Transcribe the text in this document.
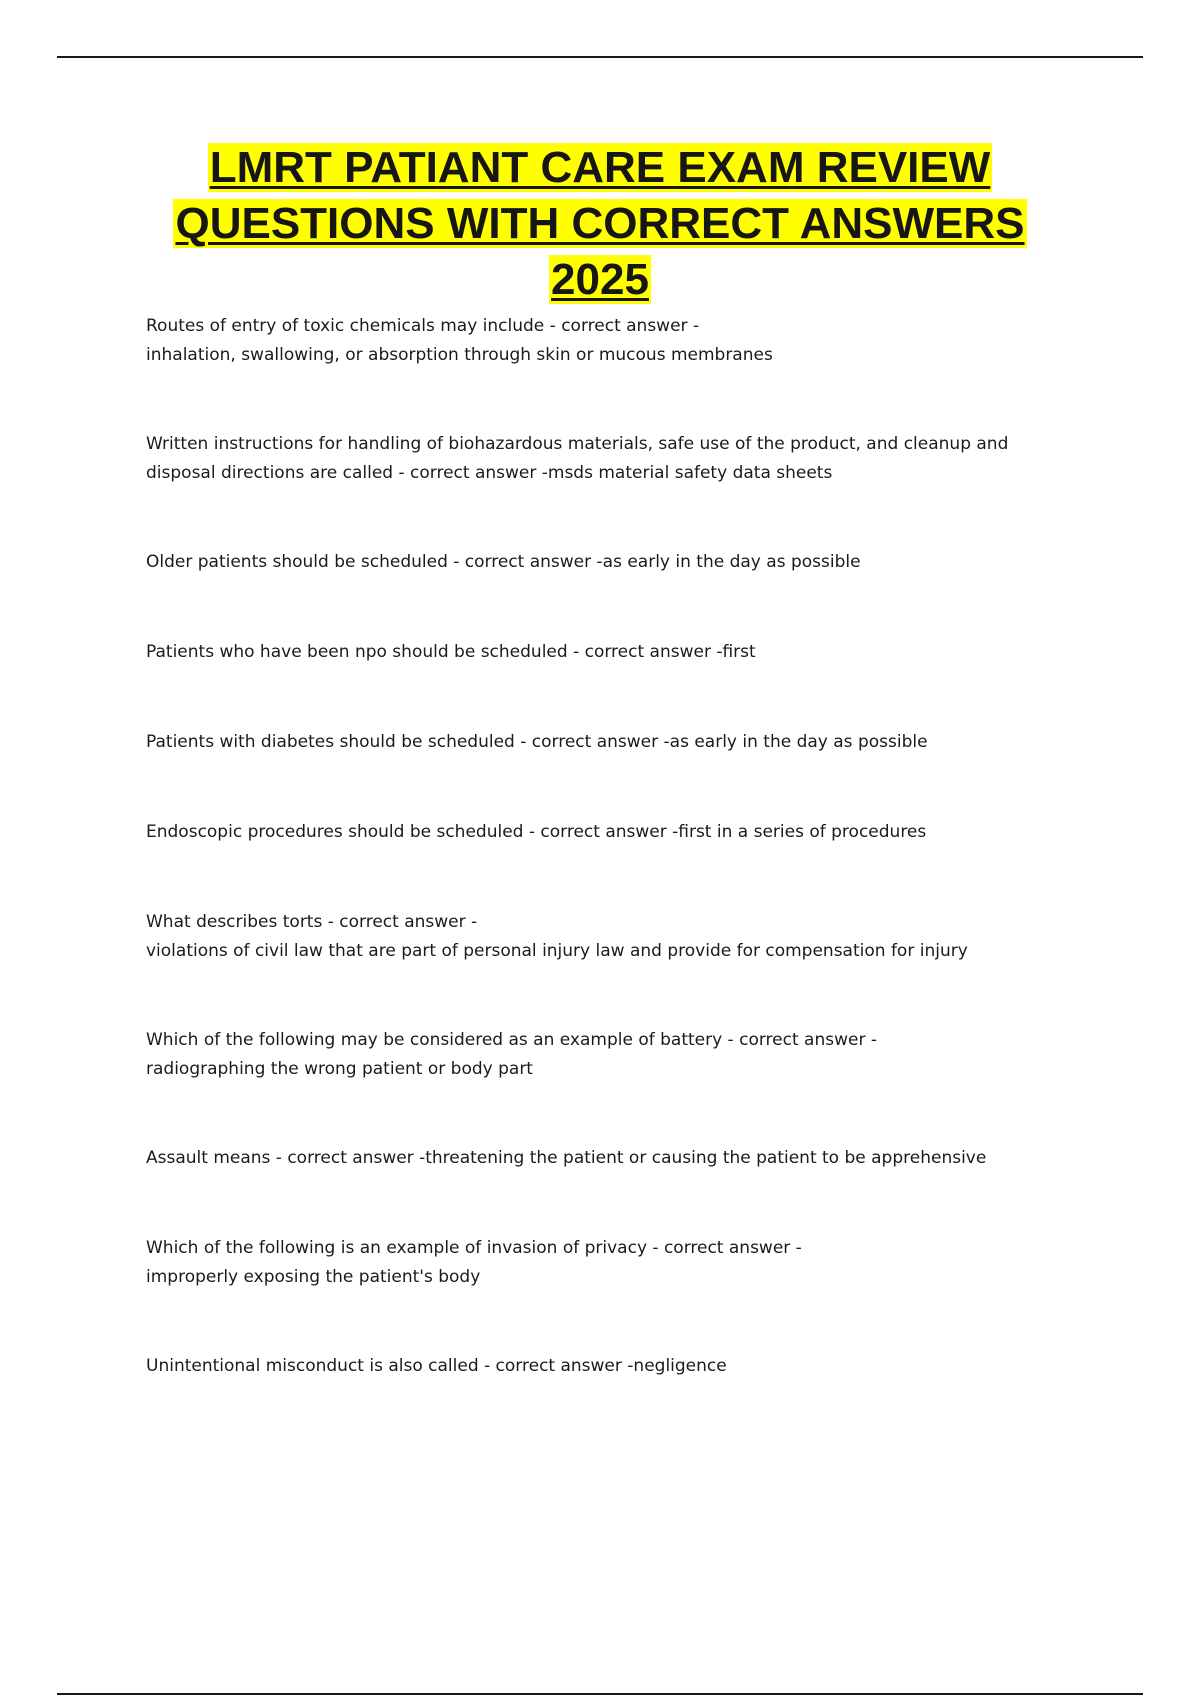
LMRT PATIANT CARE EXAM REVIEW
QUESTIONS WITH CORRECT ANSWERS
2025

Routes of entry of toxic chemicals may include - correct answer -

inhalation, swallowing, or absorption through skin or mucous membranes

Written instructions for handling of biohazardous materials, safe use of the product, and cleanup and

disposal directions are called - correct answer -msds material safety data sheets

Older patients should be scheduled - correct answer -as early in the day as possible

Patients who have been npo should be scheduled - correct answer -first

Patients with diabetes should be scheduled - correct answer -as early in the day as possible

Endoscopic procedures should be scheduled - correct answer -first in a series of procedures

What describes torts - correct answer -

violations of civil law that are part of personal injury law and provide for compensation for injury

Which of the following may be considered as an example of battery - correct answer -

radiographing the wrong patient or body part

Assault means - correct answer -threatening the patient or causing the patient to be apprehensive

Which of the following is an example of invasion of privacy - correct answer -

improperly exposing the patient's body

Unintentional misconduct is also called - correct answer -negligence
